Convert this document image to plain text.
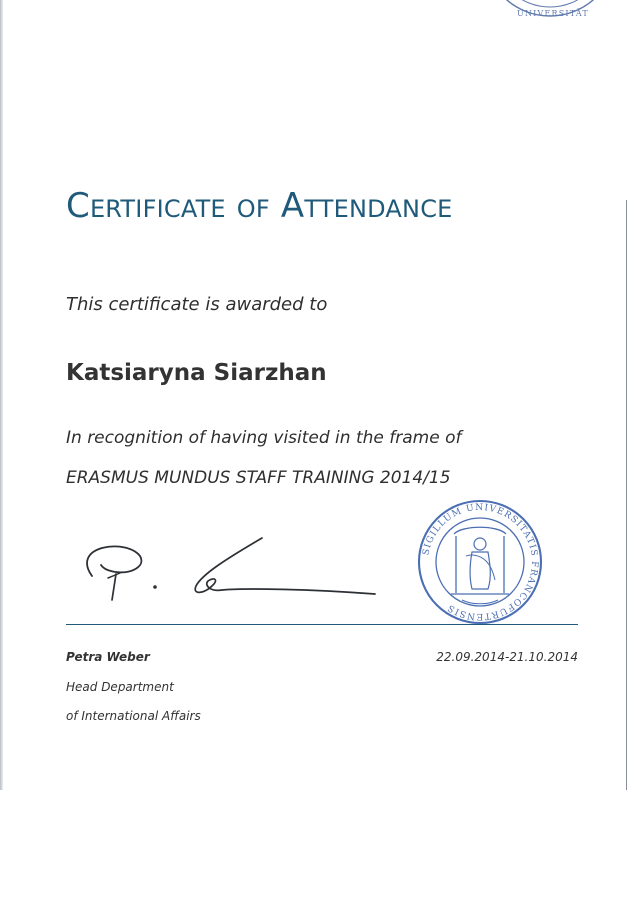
UNIVERSITÄT
Certificate of Attendance
This certificate is awarded to
Katsiaryna Siarzhan
In recognition of having visited in the frame of
ERASMUS MUNDUS STAFF TRAINING 2014/15
SIGILLUM UNIVERSITATIS FRANCOFURTENSIS
Petra Weber	22.09.2014-21.10.2014
Head Department
of International Affairs
